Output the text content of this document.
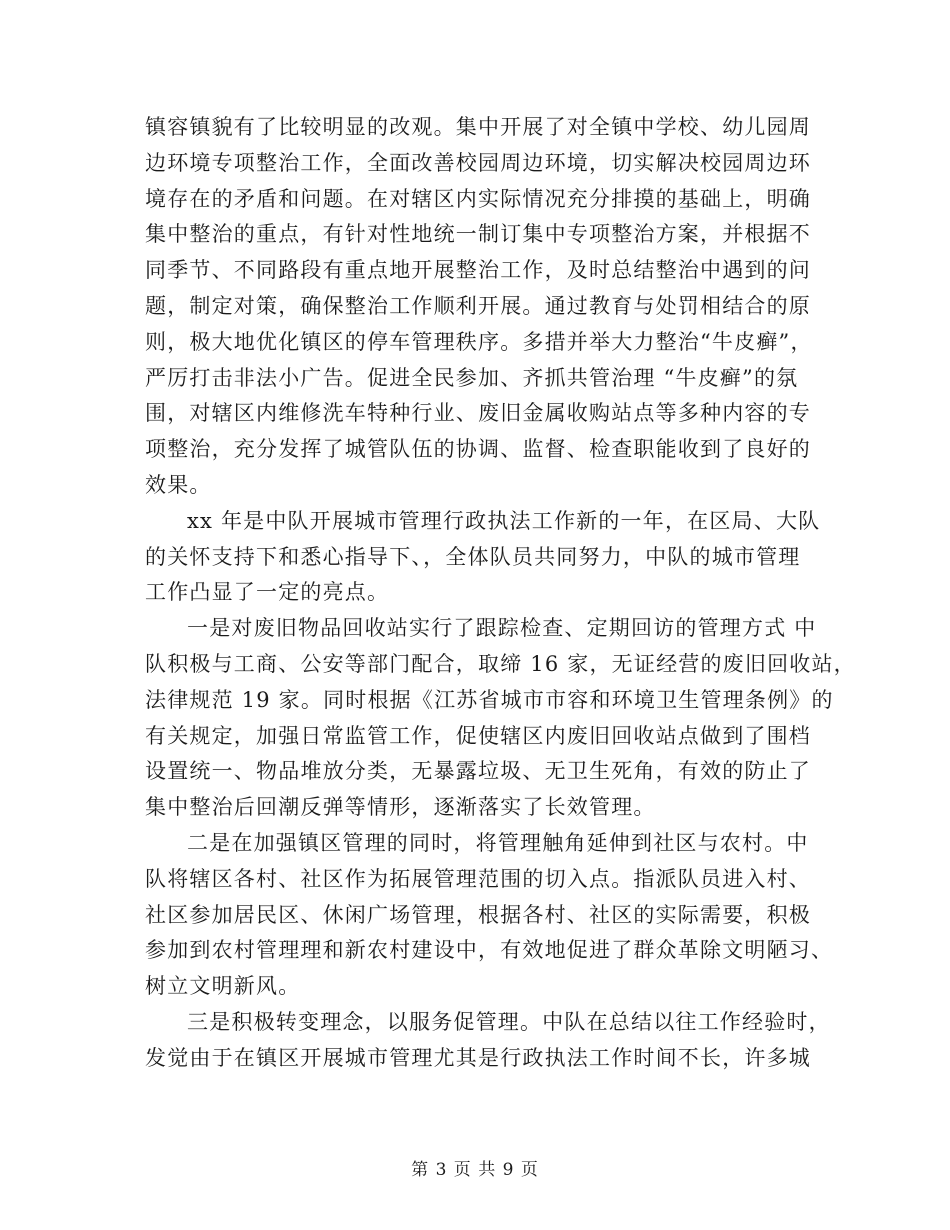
镇容镇貌有了比较明显的改观。集中开展了对全镇中学校、幼儿园周
边环境专项整治工作，全面改善校园周边环境，切实解决校园周边环
境存在的矛盾和问题。在对辖区内实际情况充分排摸的基础上，明确
集中整治的重点，有针对性地统一制订集中专项整治方案，并根据不
同季节、不同路段有重点地开展整治工作，及时总结整治中遇到的问
题，制定对策，确保整治工作顺利开展。通过教育与处罚相结合的原
则，极大地优化镇区的停车管理秩序。多措并举大力整治“牛皮癣”，
严厉打击非法小广告。促进全民参加、齐抓共管治理 “牛皮癣”的氛
围，对辖区内维修洗车特种行业、废旧金属收购站点等多种内容的专
项整治，充分发挥了城管队伍的协调、监督、检查职能收到了良好的
效果。
xx 年是中队开展城市管理行政执法工作新的一年，在区局、大队
的关怀支持下和悉心指导下、，全体队员共同努力，中队的城市管理
工作凸显了一定的亮点。
一是对废旧物品回收站实行了跟踪检查、定期回访的管理方式 中
队积极与工商、公安等部门配合，取缔 16 家，无证经营的废旧回收站，
法律规范 19 家。同时根据《江苏省城市市容和环境卫生管理条例》的
有关规定，加强日常监管工作，促使辖区内废旧回收站点做到了围档
设置统一、物品堆放分类，无暴露垃圾、无卫生死角，有效的防止了
集中整治后回潮反弹等情形，逐渐落实了长效管理。
二是在加强镇区管理的同时，将管理触角延伸到社区与农村。中
队将辖区各村、社区作为拓展管理范围的切入点。指派队员进入村、
社区参加居民区、休闲广场管理，根据各村、社区的实际需要，积极
参加到农村管理理和新农村建设中，有效地促进了群众革除文明陋习、
树立文明新风。
三是积极转变理念，以服务促管理。中队在总结以往工作经验时，
发觉由于在镇区开展城市管理尤其是行政执法工作时间不长，许多城
第 3 页 共 9 页
